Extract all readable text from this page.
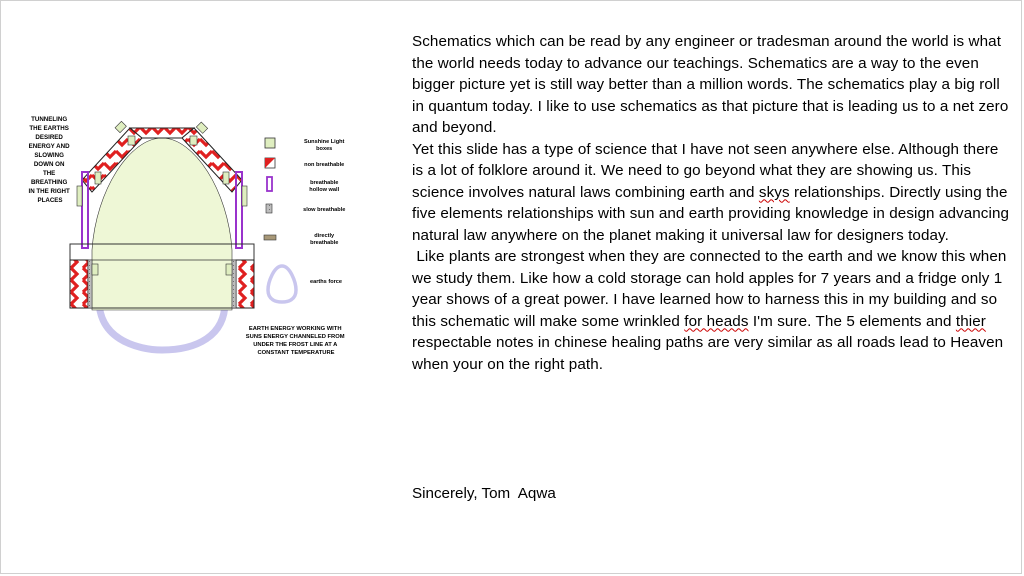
TUNNELING THE EARTHS DESIRED ENERGY AND SLOWING DOWN ON THE BREATHING IN THE RIGHT PLACES
Sunshine Light boxes non breathable breathable hollow wall slow breathable directly breathable earths force
EARTH ENERGY WORKING WITH SUNS ENERGY CHANNELED FROM UNDER THE FROST LINE AT A CONSTANT TEMPERATURE

Schematics which can be read by any engineer or tradesman around the world is what the world needs today to advance our teachings. Schematics are a way to the even bigger picture yet is still way better than a million words. The schematics play a big roll in quantum today. I like to use schematics as that picture that is leading us to a net zero and beyond.

Yet this slide has a type of science that I have not seen anywhere else. Although there is a lot of folklore around it. We need to go beyond what they are showing us. This science involves natural laws combining earth and skys relationships. Directly using the five elements relationships with sun and earth providing knowledge in design advancing natural law anywhere on the planet making it universal law for designers today.

Like plants are strongest when they are connected to the earth and we know this when we study them. Like how a cold storage can hold apples for 7 years and a fridge only 1 year shows of a great power. I have learned how to harness this in my building and so this schematic will make some wrinkled for heads I'm sure. The 5 elements and thier respectable notes in chinese healing paths are very similar as all roads lead to Heaven when your on the right path.

Sincerely, Tom  Aqwa
